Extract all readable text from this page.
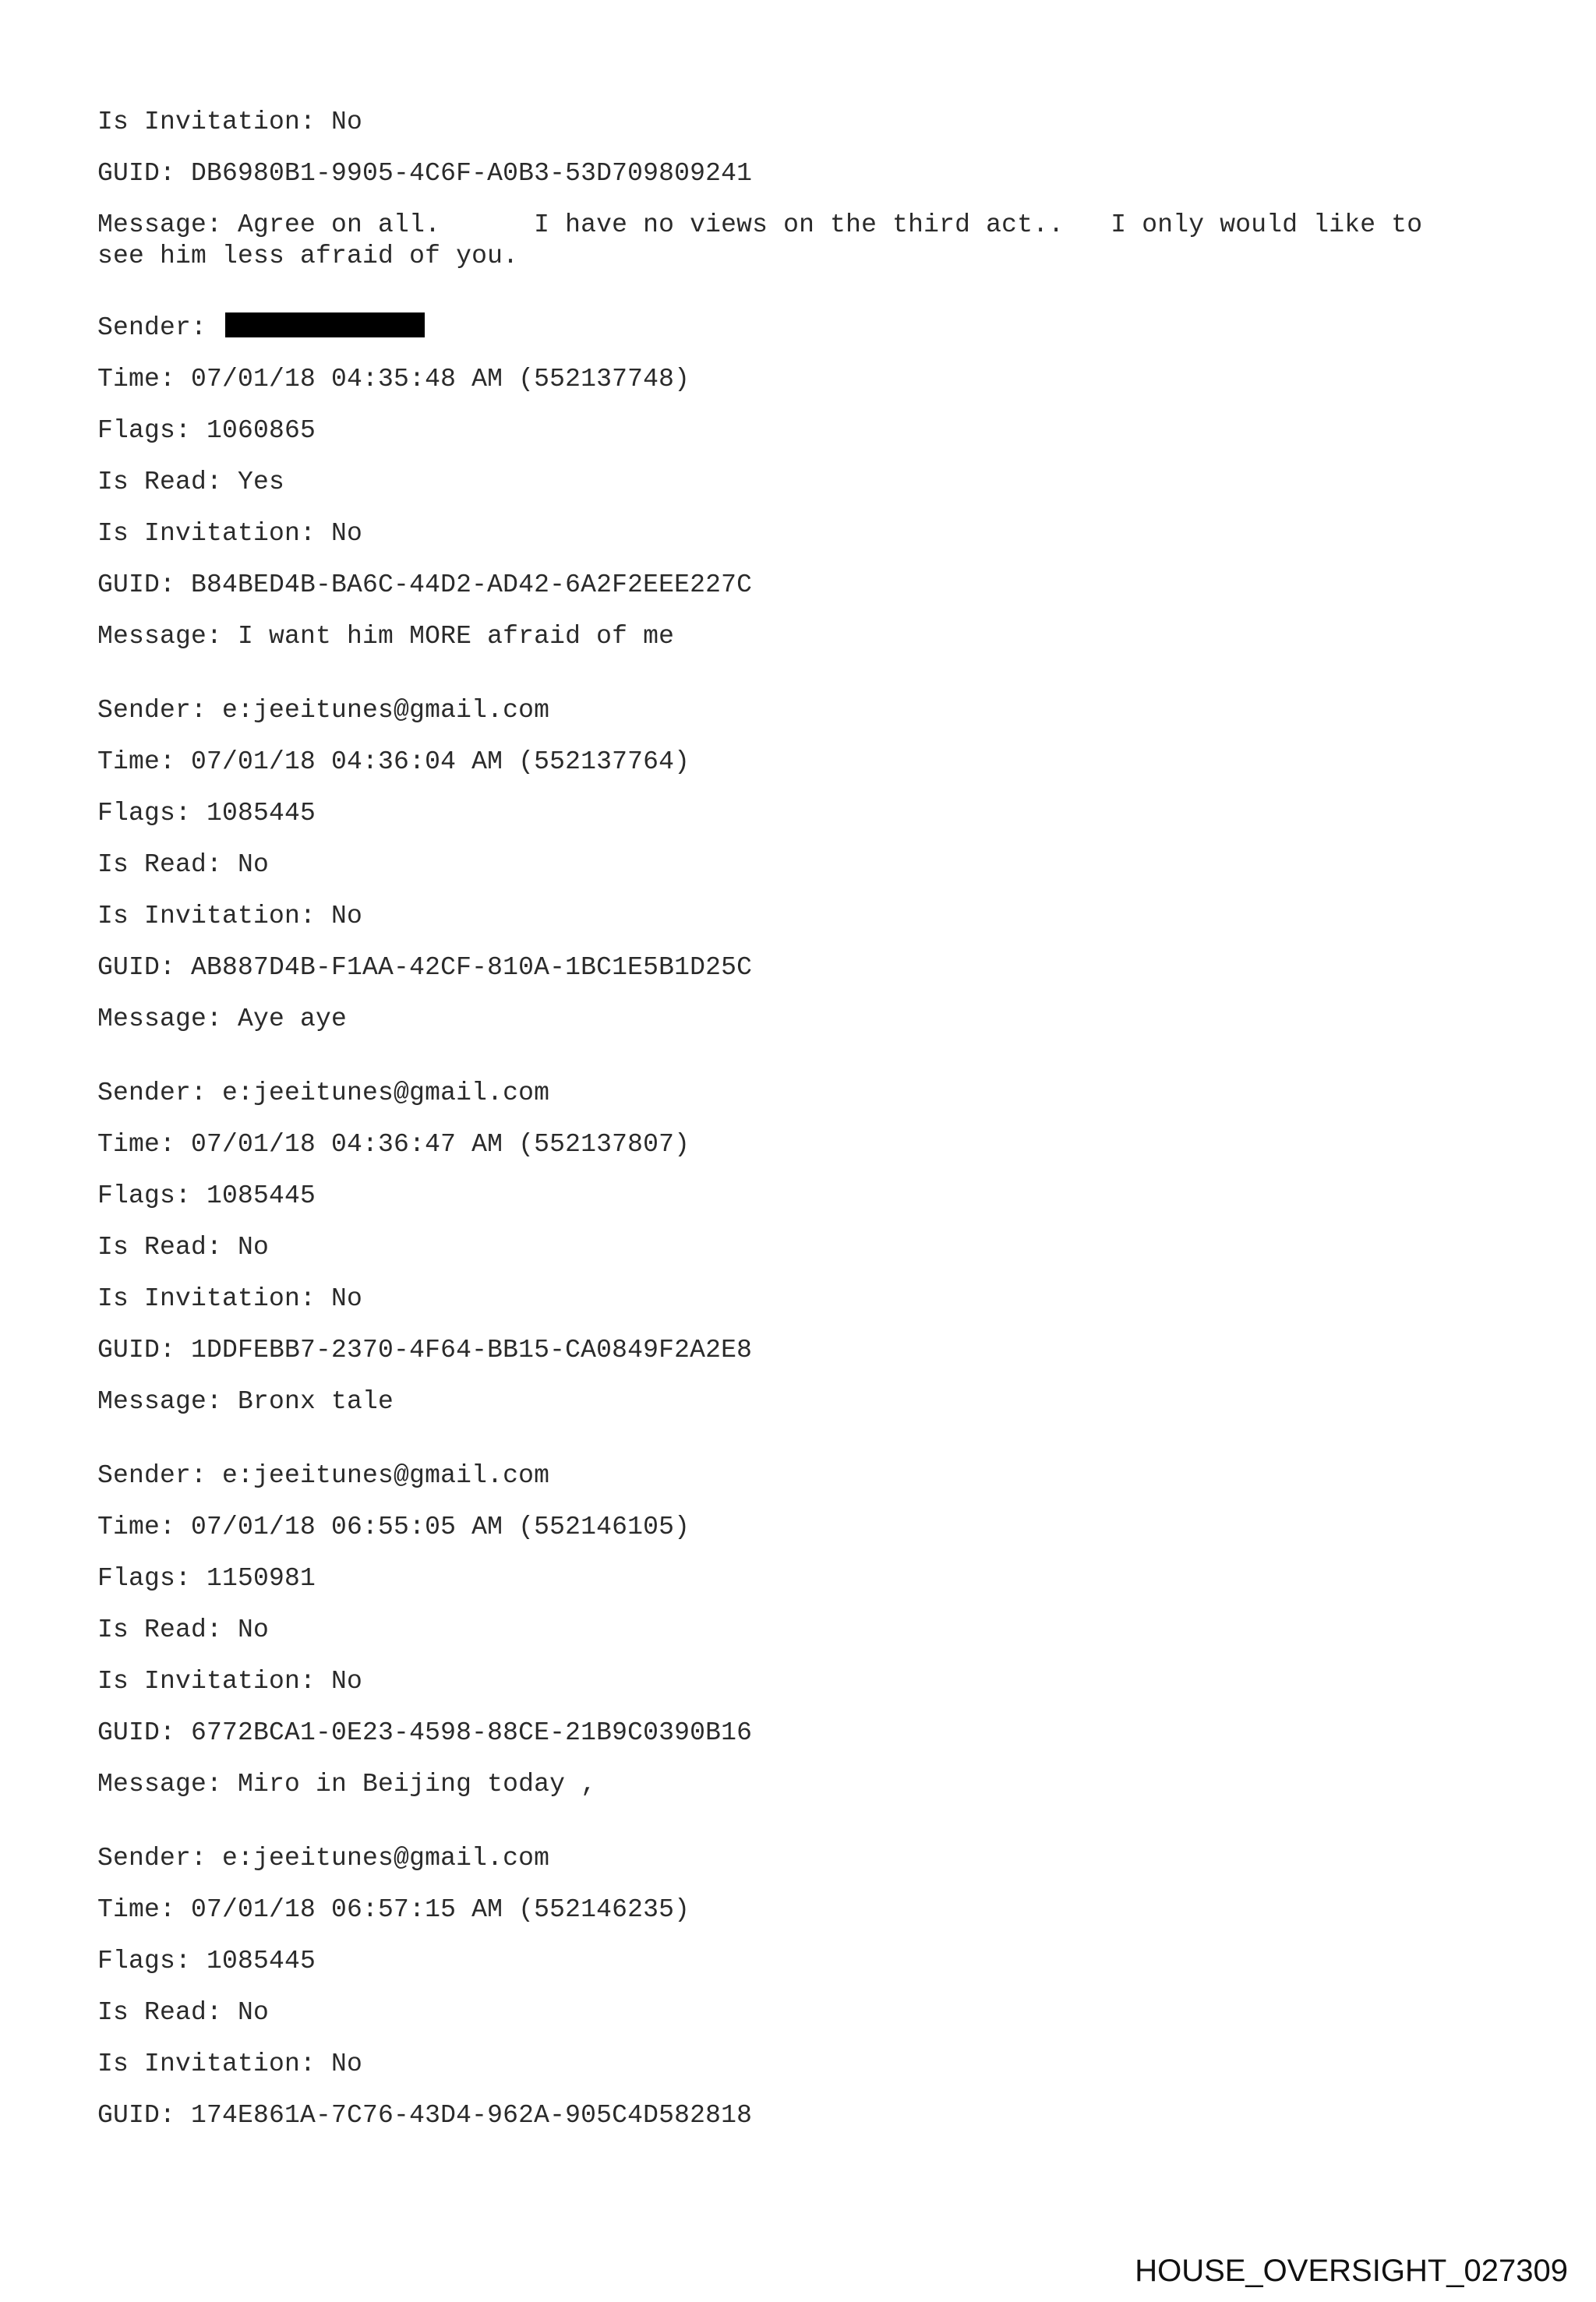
Is Invitation: No
GUID: DB6980B1-9905-4C6F-A0B3-53D709809241
Message: Agree on all.      I have no views on the third act..   I only would like to
see him less afraid of you.
Sender:
Time: 07/01/18 04:35:48 AM (552137748)
Flags: 1060865
Is Read: Yes
Is Invitation: No
GUID: B84BED4B-BA6C-44D2-AD42-6A2F2EEE227C
Message: I want him MORE afraid of me
Sender: e:jeeitunes@gmail.com
Time: 07/01/18 04:36:04 AM (552137764)
Flags: 1085445
Is Read: No
Is Invitation: No
GUID: AB887D4B-F1AA-42CF-810A-1BC1E5B1D25C
Message: Aye aye
Sender: e:jeeitunes@gmail.com
Time: 07/01/18 04:36:47 AM (552137807)
Flags: 1085445
Is Read: No
Is Invitation: No
GUID: 1DDFEBB7-2370-4F64-BB15-CA0849F2A2E8
Message: Bronx tale
Sender: e:jeeitunes@gmail.com
Time: 07/01/18 06:55:05 AM (552146105)
Flags: 1150981
Is Read: No
Is Invitation: No
GUID: 6772BCA1-0E23-4598-88CE-21B9C0390B16
Message: Miro in Beijing today ,
Sender: e:jeeitunes@gmail.com
Time: 07/01/18 06:57:15 AM (552146235)
Flags: 1085445
Is Read: No
Is Invitation: No
GUID: 174E861A-7C76-43D4-962A-905C4D582818
HOUSE_OVERSIGHT_027309
